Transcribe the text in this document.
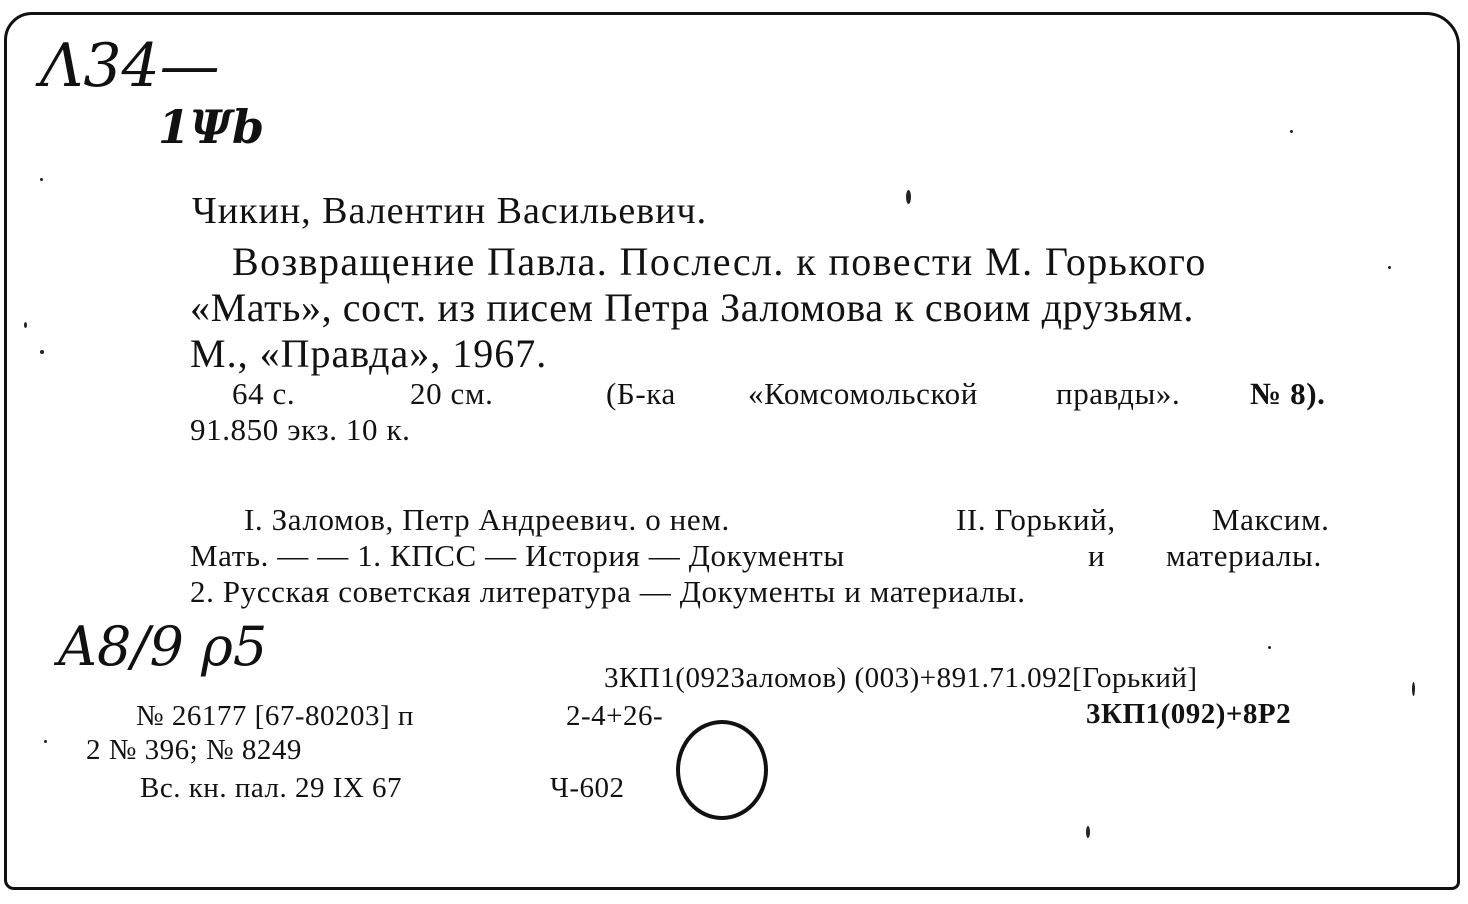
Λ34—
1Ψb
A8/9 ρ5
Чикин, Валентин Васильевич.
Возвращение Павла. Послесл. к повести М. Горького
«Мать», сост. из писем Петра Заломова к своим друзьям.
М., «Правда», 1967.
64 с.	20 см.	(Б-ка «Комсомольской	правды». № 8).
91.850 экз. 10 к.
I. Заломов, Петр Андреевич. о нем.	II. Горький,	Максим.
Мать. — — 1. КПСС — История — Документы	и материалы.
2. Русская советская литература — Документы и материалы.
3КП1(092Заломов) (003)+891.71.092[Горький]
№ 26177 [67-80203] п	2-4+26-	3КП1(092)+8Р2
2 № 396; № 8249
Вс. кн. пал. 29 IX 67	Ч-602
